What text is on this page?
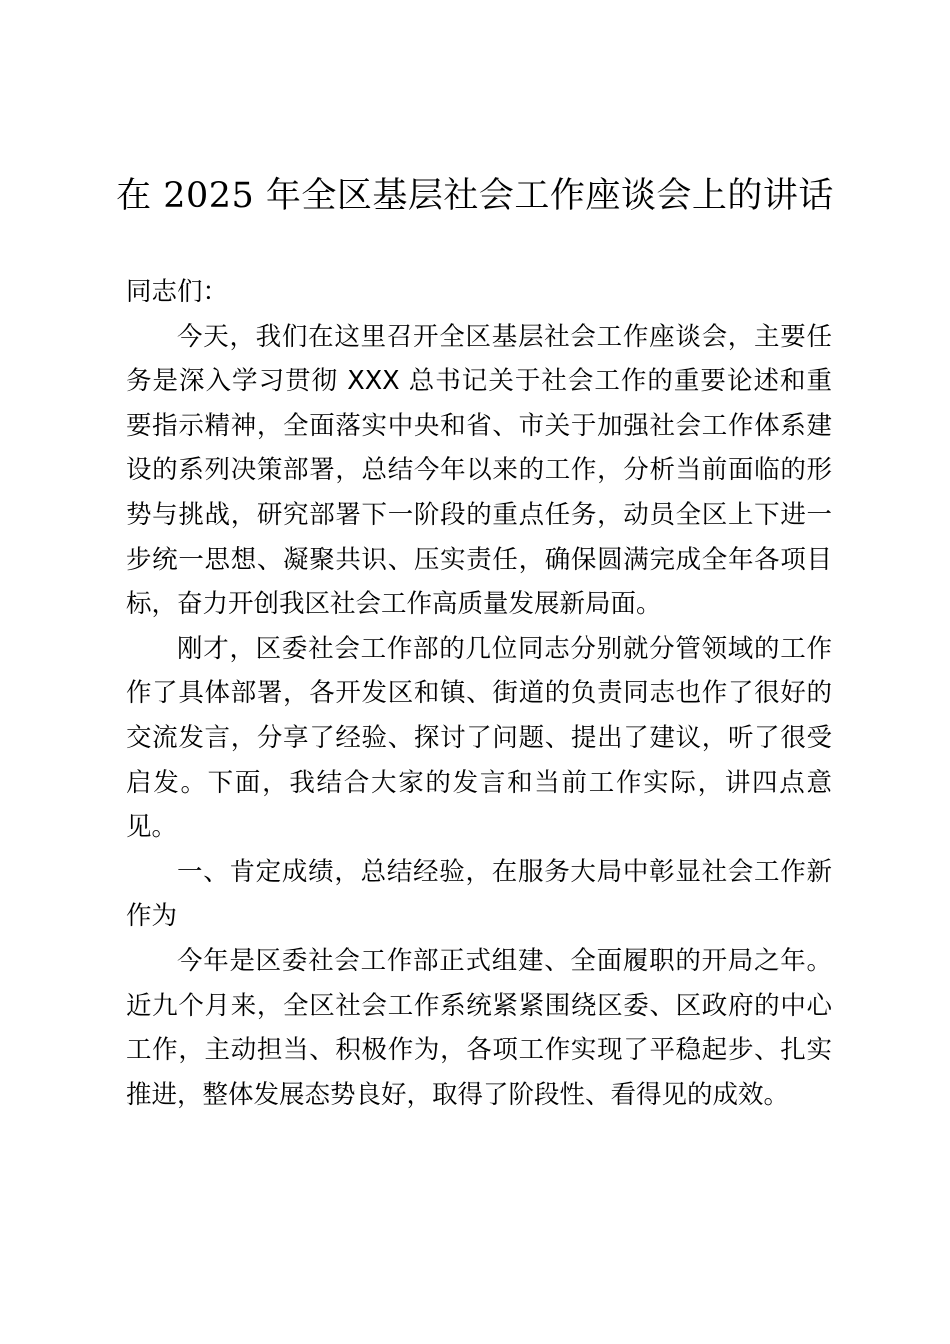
在 2025 年全区基层社会工作座谈会上的讲话

同志们：

今天，我们在这里召开全区基层社会工作座谈会，主要任务是深入学习贯彻 XXX 总书记关于社会工作的重要论述和重要指示精神，全面落实中央和省、市关于加强社会工作体系建设的系列决策部署，总结今年以来的工作，分析当前面临的形势与挑战，研究部署下一阶段的重点任务，动员全区上下进一步统一思想、凝聚共识、压实责任，确保圆满完成全年各项目标，奋力开创我区社会工作高质量发展新局面。

刚才，区委社会工作部的几位同志分别就分管领域的工作作了具体部署，各开发区和镇、街道的负责同志也作了很好的交流发言，分享了经验、探讨了问题、提出了建议，听了很受启发。下面，我结合大家的发言和当前工作实际，讲四点意见。

一、肯定成绩，总结经验，在服务大局中彰显社会工作新作为

今年是区委社会工作部正式组建、全面履职的开局之年。近九个月来，全区社会工作系统紧紧围绕区委、区政府的中心工作，主动担当、积极作为，各项工作实现了平稳起步、扎实推进，整体发展态势良好，取得了阶段性、看得见的成效。
